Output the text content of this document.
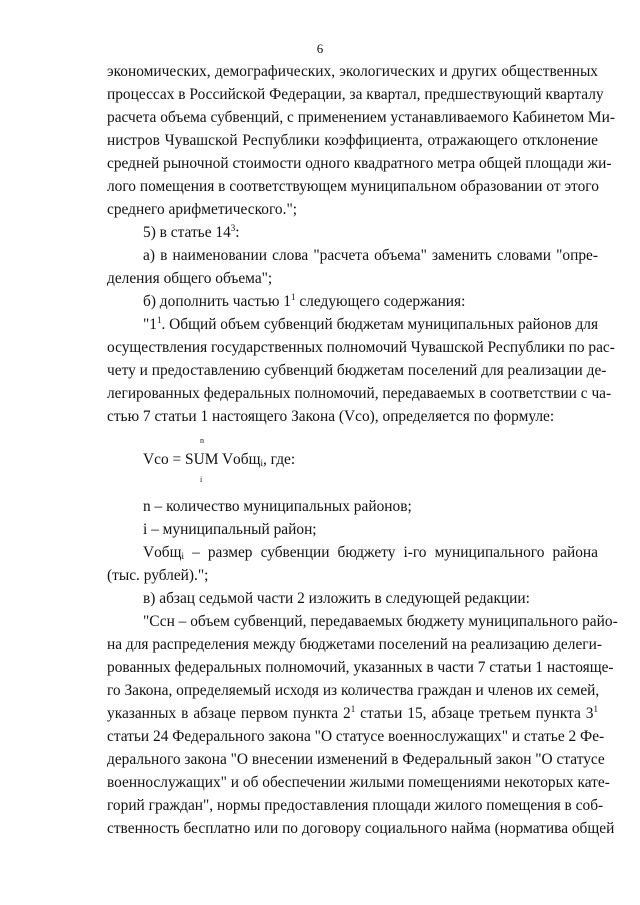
6
экономических, демографических, экологических и других общественных
процессах в Российской Федерации, за квартал, предшествующий кварталу
расчета объема субвенций, с применением устанавливаемого Кабинетом Ми-
нистров Чувашской Республики коэффициента, отражающего отклонение
средней рыночной стоимости одного квадратного метра общей площади жи-
лого помещения в соответствующем муниципальном образовании от этого
среднего арифметического.";
5) в статье $14^3$:
а) в наименовании слова "расчета объема" заменить словами "опре-
деления общего объема";
б) дополнить частью $1^1$ следующего содержания:
"$1^1$. Общий объем субвенций бюджетам муниципальных районов для
осуществления государственных полномочий Чувашской Республики по рас-
чету и предоставлению субвенций бюджетам поселений для реализации де-
легированных федеральных полномочий, передаваемых в соответствии с ча-
стью 7 статьи 1 настоящего Закона (Vco), определяется по формуле:
n
Vco = SUM Vобщ$_i$, где:
i
n – количество муниципальных районов;
i – муниципальный район;
Vобщ$_i$ – размер субвенции бюджету i-го муниципального района
(тыс. рублей).";
в) абзац седьмой части 2 изложить в следующей редакции:
"Ссн – объем субвенций, передаваемых бюджету муниципального райо-
на для распределения между бюджетами поселений на реализацию делеги-
рованных федеральных полномочий, указанных в части 7 статьи 1 настояще-
го Закона, определяемый исходя из количества граждан и членов их семей,
указанных в абзаце первом пункта $2^1$ статьи 15, абзаце третьем пункта $3^1$
статьи 24 Федерального закона "О статусе военнослужащих" и статье 2 Фе-
дерального закона "О внесении изменений в Федеральный закон "О статусе
военнослужащих" и об обеспечении жилыми помещениями некоторых кате-
горий граждан", нормы предоставления площади жилого помещения в соб-
ственность бесплатно или по договору социального найма (норматива общей
